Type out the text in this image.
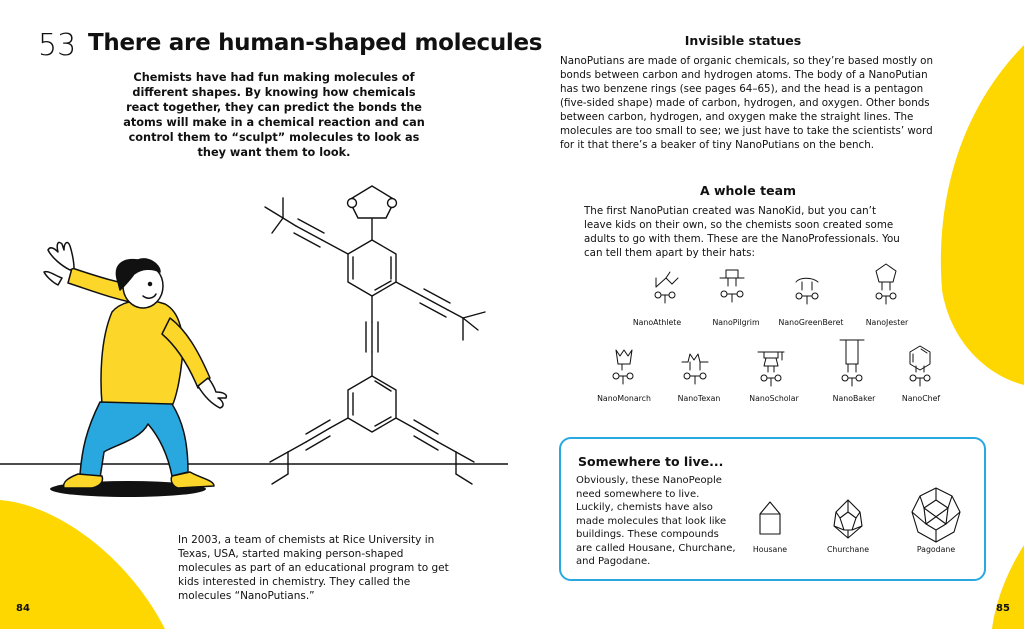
53 There are human-shaped molecules
Chemists have had fun making molecules of different shapes. By knowing how chemicals react together, they can predict the bonds the atoms will make in a chemical reaction and can control them to “sculpt” molecules to look as they want them to look.
In 2003, a team of chemists at Rice University in Texas, USA, started making person-shaped molecules as part of an educational program to get kids interested in chemistry. They called the molecules “NanoPutians.”
84
Invisible statues
NanoPutians are made of organic chemicals, so they’re based mostly on bonds between carbon and hydrogen atoms. The body of a NanoPutian has two benzene rings (see pages 64–65), and the head is a pentagon (five-sided shape) made of carbon, hydrogen, and oxygen. Other bonds between carbon, hydrogen, and oxygen make the straight lines. The molecules are too small to see; we just have to take the scientists’ word for it that there’s a beaker of tiny NanoPutians on the bench.
A whole team
The first NanoPutian created was NanoKid, but you can’t leave kids on their own, so the chemists soon created some adults to go with them. These are the NanoProfessionals. You can tell them apart by their hats:
NanoAthlete	NanoPilgrim	NanoGreenBeret	NanoJester
NanoMonarch	NanoTexan	NanoScholar	NanoBaker	NanoChef
Somewhere to live...
Obviously, these NanoPeople need somewhere to live. Luckily, chemists have also made molecules that look like buildings. These compounds are called Housane, Churchane, and Pagodane.
Housane	Churchane	Pagodane
85
